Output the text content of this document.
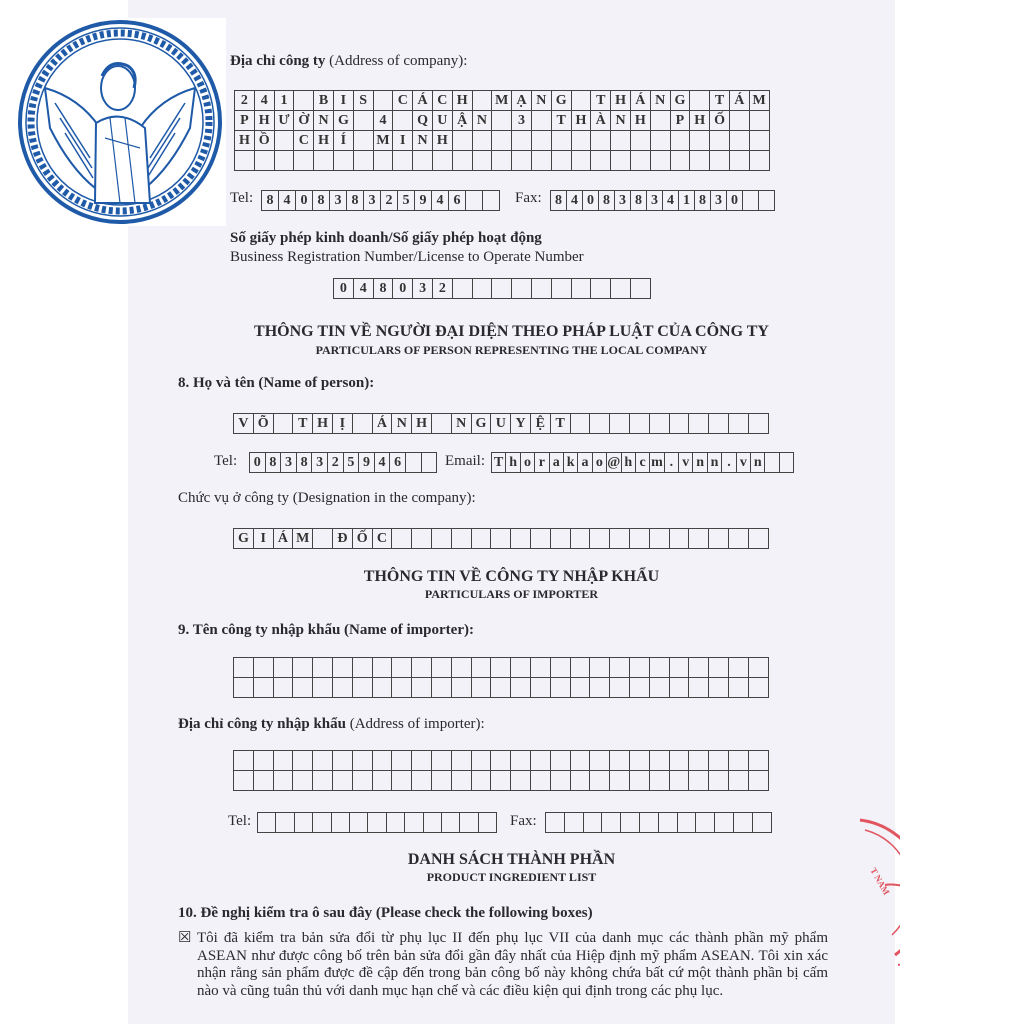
Địa chỉ công ty (Address of company):
2 4 1	B I S	C Á C H	M Ạ N G	T H Á N G	T Á M
P H Ư Ờ N G	4	Q U Ậ N	3	T H À N H	P H Ố
H Ồ	C H Í	M I N H
Tel: 8 4 0 8 3 8 3 2 5 9 4 6	Fax: 8 4 0 8 3 8 3 4 1 8 3 0
Số giấy phép kinh doanh/Số giấy phép hoạt động
Business Registration Number/License to Operate Number
0 4 8 0 3 2
THÔNG TIN VỀ NGƯỜI ĐẠI DIỆN THEO PHÁP LUẬT CỦA CÔNG TY
PARTICULARS OF PERSON REPRESENTING THE LOCAL COMPANY
8. Họ và tên (Name of person):
V Õ	T H Ị	Á N H	N G U Y Ệ T
Tel: 0 8 3 8 3 2 5 9 4 6	Email: T h o r a k a o @ h c m . v n n . v n
Chức vụ ở công ty (Designation in the company):
G I Á M	Đ Ố C
THÔNG TIN VỀ CÔNG TY NHẬP KHẨU
PARTICULARS OF IMPORTER
9. Tên công ty nhập khẩu (Name of importer):
Địa chỉ công ty nhập khẩu (Address of importer):
Tel:	Fax:
DANH SÁCH THÀNH PHẦN
PRODUCT INGREDIENT LIST
10. Đề nghị kiểm tra ô sau đây (Please check the following boxes)
☒ Tôi đã kiểm tra bản sửa đổi từ phụ lục II đến phụ lục VII của danh mục các thành phần mỹ phẩm ASEAN như được công bố trên bản sửa đổi gần đây nhất của Hiệp định mỹ phẩm ASEAN. Tôi xin xác nhận rằng sản phẩm được đề cập đến trong bản công bố này không chứa bất cứ một thành phần bị cấm nào và cũng tuân thủ với danh mục hạn chế và các điều kiện qui định trong các phụ lục.
T NAM
